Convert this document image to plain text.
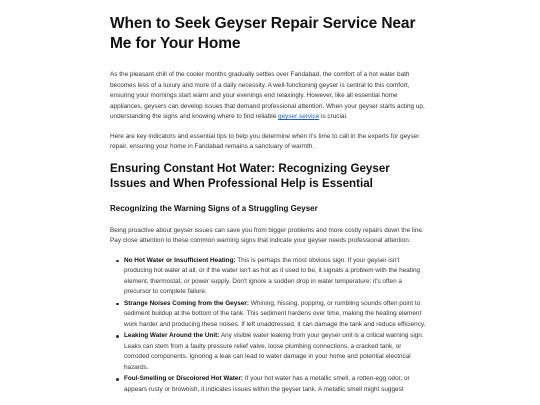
When to Seek Geyser Repair Service Near Me for Your Home

As the pleasant chill of the cooler months gradually settles over Faridabad, the comfort of a hot water bath becomes less of a luxury and more of a daily necessity. A well-functioning geyser is central to this comfort, ensuring your mornings start warm and your evenings end relaxingly. However, like all essential home appliances, geysers can develop issues that demand professional attention. When your geyser starts acting up, understanding the signs and knowing where to find reliable geyser service is crucial.

Here are key indicators and essential tips to help you determine when it's time to call in the experts for geyser repair, ensuring your home in Faridabad remains a sanctuary of warmth.

Ensuring Constant Hot Water: Recognizing Geyser Issues and When Professional Help is Essential
Recognizing the Warning Signs of a Struggling Geyser

Being proactive about geyser issues can save you from bigger problems and more costly repairs down the line. Pay close attention to these common warning signs that indicate your geyser needs professional attention.

No Hot Water or Insufficient Heating: This is perhaps the most obvious sign. If your geyser isn't producing hot water at all, or if the water isn't as hot as it used to be, it signals a problem with the heating element, thermostat, or power supply. Don't ignore a sudden drop in water temperature; it's often a precursor to complete failure.
Strange Noises Coming from the Geyser: Whining, hissing, popping, or rumbling sounds often point to sediment buildup at the bottom of the tank. This sediment hardens over time, making the heating element work harder and producing these noises. If left unaddressed, it can damage the tank and reduce efficiency.
Leaking Water Around the Unit: Any visible water leaking from your geyser unit is a critical warning sign. Leaks can stem from a faulty pressure relief valve, loose plumbing connections, a cracked tank, or corroded components. Ignoring a leak can lead to water damage in your home and potential electrical hazards.
Foul-Smelling or Discolored Hot Water: If your hot water has a metallic smell, a rotten-egg odor, or appears rusty or brownish, it indicates issues within the geyser tank. A metallic smell might suggest
